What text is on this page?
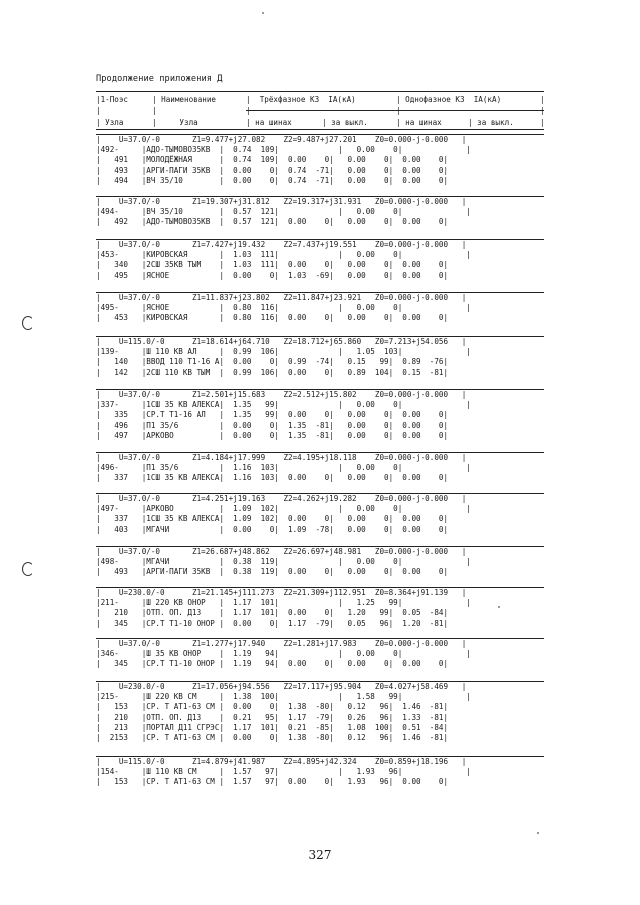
Продолжение приложения Д
|1-Поэс	| Наименование	|  Трёхфазное КЗ  IA(кА)	| Однофазное КЗ  IA(кА)	|
|	|	|	|	|
| Узла	|     Узла	| на шинах	| за выкл.	| на шинах	| за выкл.	|
|    U=37.0/-0       Z1=9.477+j27.082    Z2=9.487+j27.201    Z0=0.000-j-0.000   |
|492-     |АДО-ТЫМОВО35КВ  |  0.74  109|             |   0.00    0|              |
|   491   |МОЛОДЁЖНАЯ      |  0.74  109|  0.00    0|   0.00    0|  0.00    0|
|   493   |АРГИ-ПАГИ 35КВ  |  0.00    0|  0.74  -71|   0.00    0|  0.00    0|
|   494   |ВЧ 35/10        |  0.00    0|  0.74  -71|   0.00    0|  0.00    0|
|    U=37.0/-0       Z1=19.307+j31.812   Z2=19.317+j31.931   Z0=0.000-j-0.000   |
|494-     |ВЧ 35/10        |  0.57  121|             |   0.00    0|              |
|   492   |АДО-ТЫМОВО35КВ  |  0.57  121|  0.00    0|   0.00    0|  0.00    0|
|    U=37.0/-0       Z1=7.427+j19.432    Z2=7.437+j19.551    Z0=0.000-j-0.000   |
|453-     |КИРОВСКАЯ       |  1.03  111|             |   0.00    0|              |
|   340   |2СШ 35КВ ТЫМ    |  1.03  111|  0.00    0|   0.00    0|  0.00    0|
|   495   |ЯСНОЕ           |  0.00    0|  1.03  -69|   0.00    0|  0.00    0|
|    U=37.0/-0       Z1=11.837+j23.802   Z2=11.847+j23.921   Z0=0.000-j-0.000   |
|495-     |ЯСНОЕ           |  0.80  116|             |   0.00    0|              |
|   453   |КИРОВСКАЯ       |  0.80  116|  0.00    0|   0.00    0|  0.00    0|
|    U=115.0/-0      Z1=18.614+j64.710   Z2=18.712+j65.860   Z0=7.213+j54.056   |
|139-     |Ш 110 КВ АЛ     |  0.99  106|             |   1.05  103|              |
|   140   |ВВОД 110 Т1-16 А|  0.00    0|  0.99  -74|   0.15   99|  0.89  -76|
|   142   |2СШ 110 КВ ТЫМ  |  0.99  106|  0.00    0|   0.89  104|  0.15  -81|
|    U=37.0/-0       Z1=2.501+j15.683    Z2=2.512+j15.802    Z0=0.000-j-0.000   |
|337-     |1СШ 35 КВ АЛЕКСА|  1.35   99|             |   0.00    0|              |
|   335   |СР.Т Т1-16 АЛ   |  1.35   99|  0.00    0|   0.00    0|  0.00    0|
|   496   |П1 35/6         |  0.00    0|  1.35  -81|   0.00    0|  0.00    0|
|   497   |АРКОВО          |  0.00    0|  1.35  -81|   0.00    0|  0.00    0|
|    U=37.0/-0       Z1=4.184+j17.999    Z2=4.195+j18.118    Z0=0.000-j-0.000   |
|496-     |П1 35/6         |  1.16  103|             |   0.00    0|              |
|   337   |1СШ 35 КВ АЛЕКСА|  1.16  103|  0.00    0|   0.00    0|  0.00    0|
|    U=37.0/-0       Z1=4.251+j19.163    Z2=4.262+j19.282    Z0=0.000-j-0.000   |
|497-     |АРКОВО          |  1.09  102|             |   0.00    0|              |
|   337   |1СШ 35 КВ АЛЕКСА|  1.09  102|  0.00    0|   0.00    0|  0.00    0|
|   403   |МГАЧИ           |  0.00    0|  1.09  -78|   0.00    0|  0.00    0|
|    U=37.0/-0       Z1=26.687+j48.862   Z2=26.697+j48.981   Z0=0.000-j-0.000   |
|498-     |МГАЧИ           |  0.38  119|             |   0.00    0|              |
|   493   |АРГИ-ПАГИ 35КВ  |  0.38  119|  0.00    0|   0.00    0|  0.00    0|
|    U=230.0/-0      Z1=21.145+j111.273  Z2=21.309+j112.951  Z0=8.364+j91.139   |
|211-     |Ш 220 КВ ОНОР   |  1.17  101|             |   1.25   99|              |
|   210   |ОТП. ОП. Д13    |  1.17  101|  0.00    0|   1.20   99|  0.05  -84|
|   345   |СР.Т Т1-10 ОНОР |  0.00    0|  1.17  -79|   0.05   96|  1.20  -81|
|    U=37.0/-0       Z1=1.277+j17.940    Z2=1.281+j17.983    Z0=0.000-j-0.000   |
|346-     |Ш 35 КВ ОНОР    |  1.19   94|             |   0.00    0|              |
|   345   |СР.Т Т1-10 ОНОР |  1.19   94|  0.00    0|   0.00    0|  0.00    0|
|    U=230.0/-0      Z1=17.056+j94.556   Z2=17.117+j95.904   Z0=4.027+j58.469   |
|215-     |Ш 220 КВ СМ     |  1.38  100|             |   1.58   99|              |
|   153   |СР. Т АТ1-63 СМ |  0.00    0|  1.38  -80|   0.12   96|  1.46  -81|
|   210   |ОТП. ОП. Д13    |  0.21   95|  1.17  -79|   0.26   96|  1.33  -81|
|   213   |ПОРТАЛ Д11 СГРЭС|  1.17  101|  0.21  -85|   1.08  100|  0.51  -84|
|  2153   |СР. Т АТ1-63 СМ |  0.00    0|  1.38  -80|   0.12   96|  1.46  -81|
|    U=115.0/-0      Z1=4.879+j41.987    Z2=4.895+j42.324    Z0=0.859+j18.196   |
|154-     |Ш 110 КВ СМ     |  1.57   97|             |   1.93   96|              |
|   153   |СР. Т АТ1-63 СМ |  1.57   97|  0.00    0|   1.93   96|  0.00    0|
327
